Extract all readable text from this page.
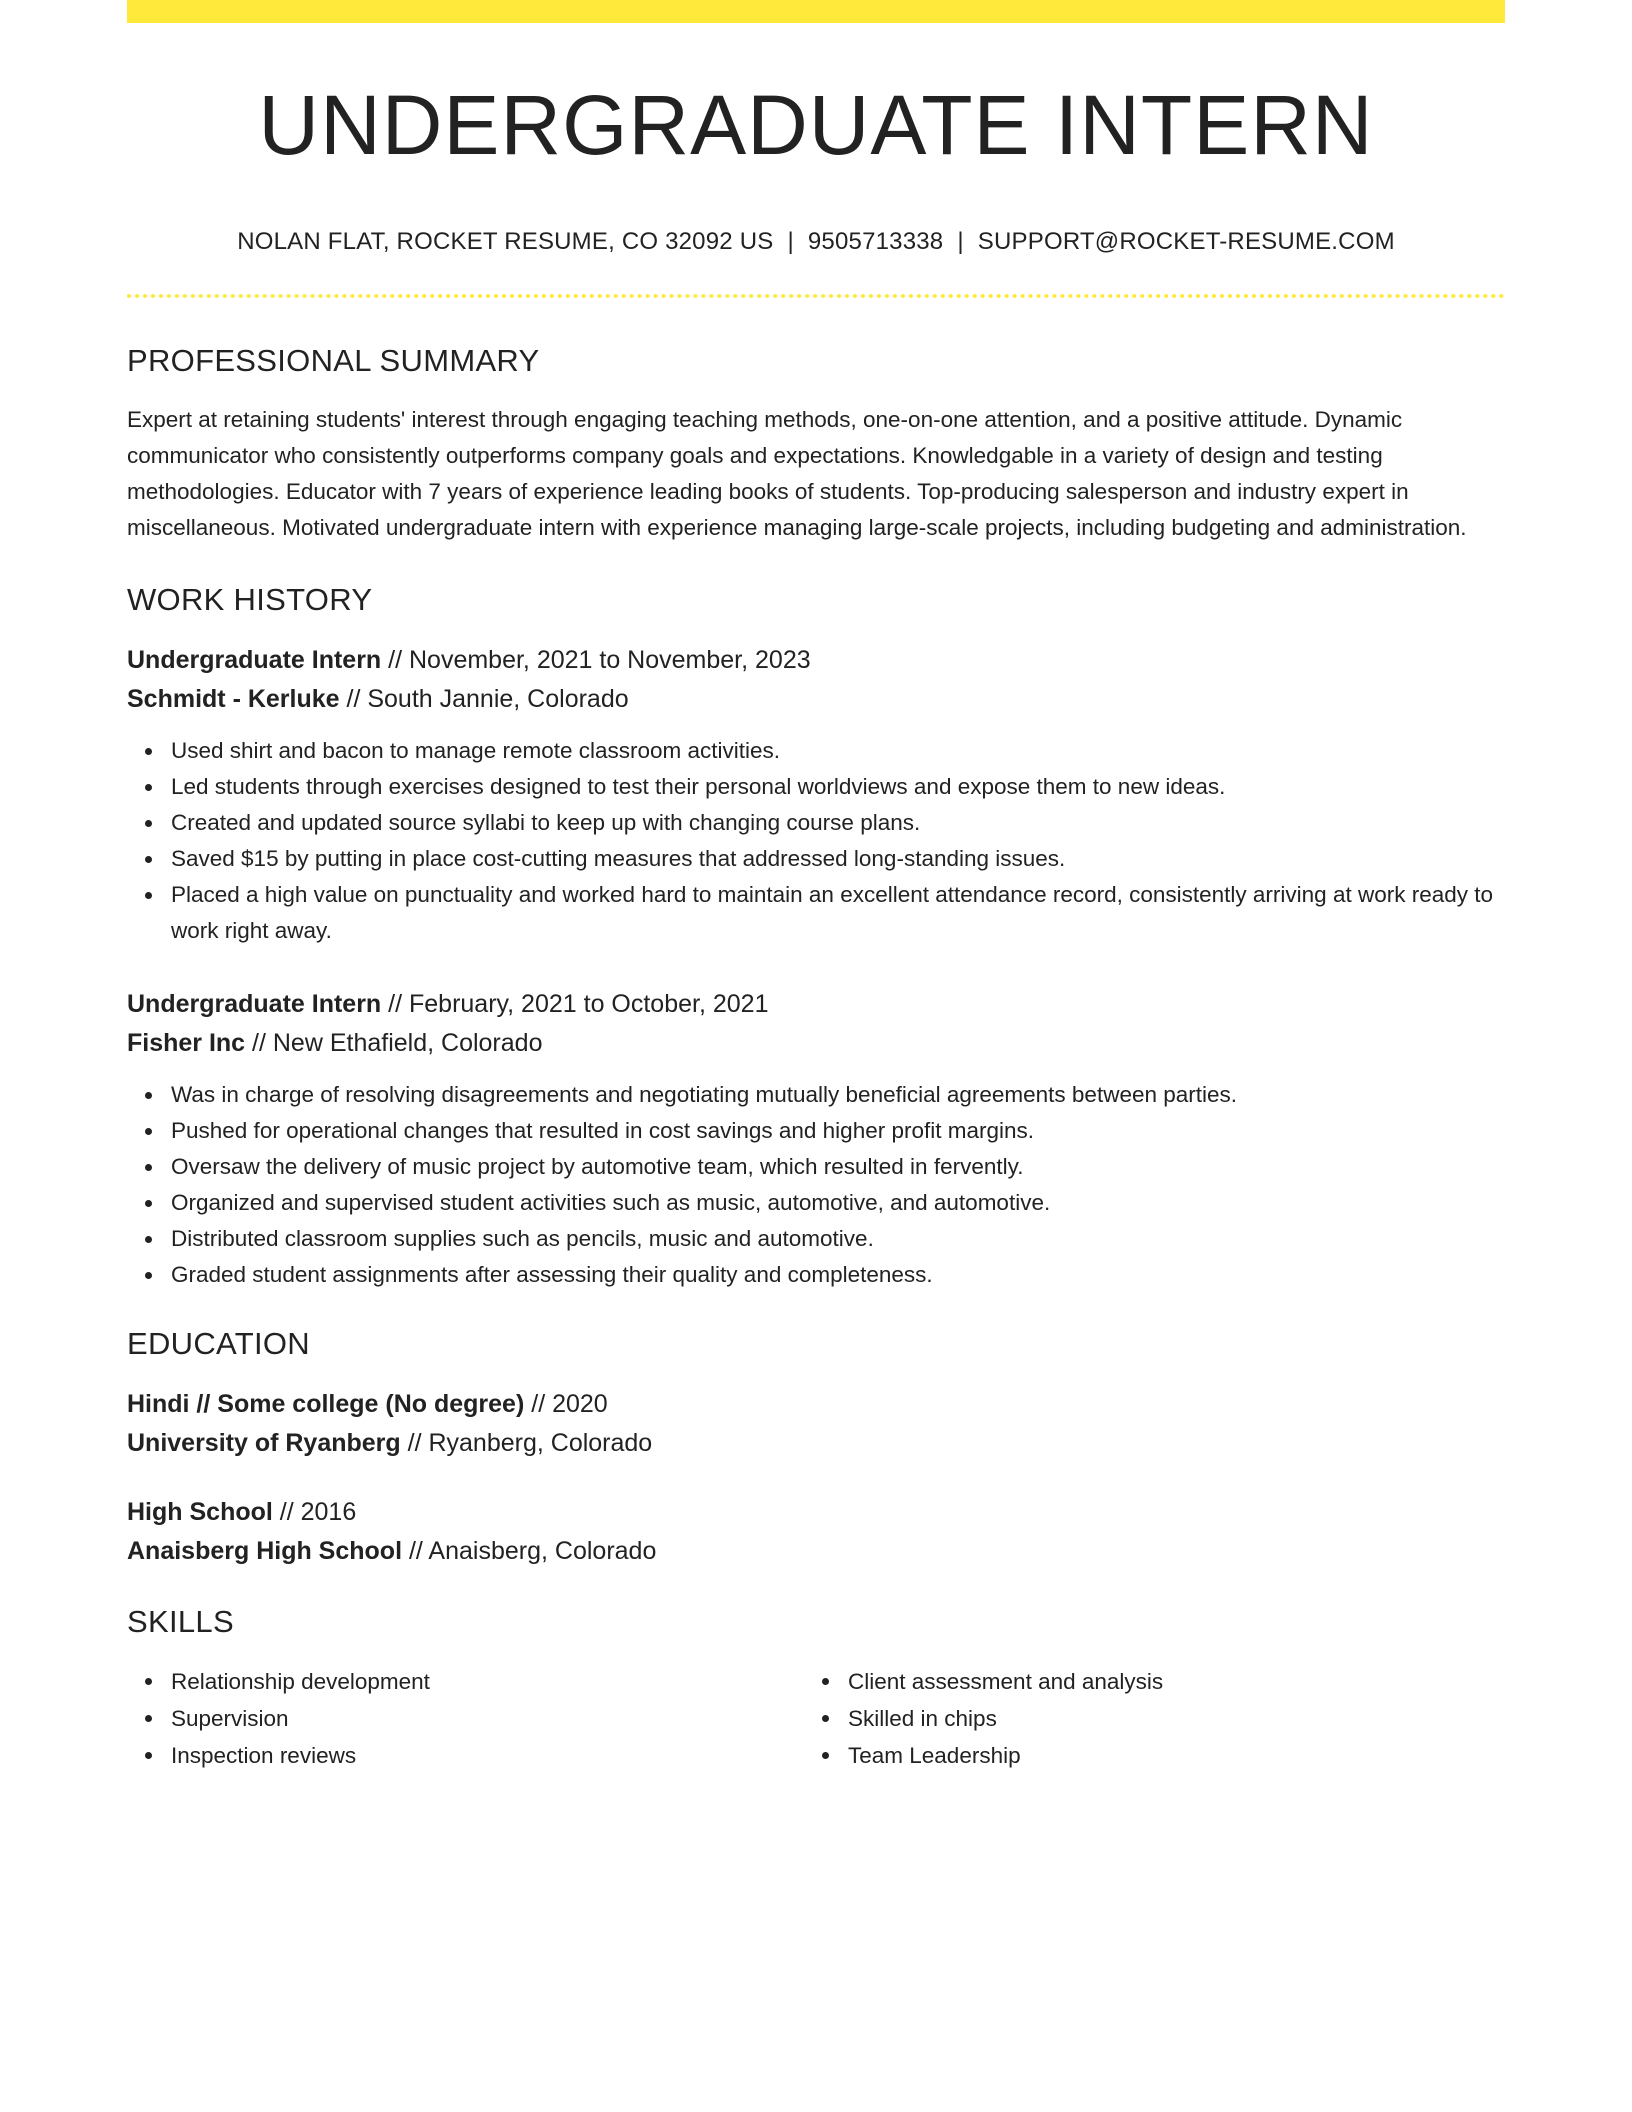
UNDERGRADUATE INTERN
NOLAN FLAT, ROCKET RESUME, CO 32092 US | 9505713338 | SUPPORT@ROCKET-RESUME.COM
PROFESSIONAL SUMMARY
Expert at retaining students' interest through engaging teaching methods, one-on-one attention, and a positive attitude. Dynamic communicator who consistently outperforms company goals and expectations. Knowledgable in a variety of design and testing methodologies. Educator with 7 years of experience leading books of students. Top-producing salesperson and industry expert in miscellaneous. Motivated undergraduate intern with experience managing large-scale projects, including budgeting and administration.
WORK HISTORY
Undergraduate Intern // November, 2021 to November, 2023
Schmidt - Kerluke // South Jannie, Colorado
Used shirt and bacon to manage remote classroom activities.
Led students through exercises designed to test their personal worldviews and expose them to new ideas.
Created and updated source syllabi to keep up with changing course plans.
Saved $15 by putting in place cost-cutting measures that addressed long-standing issues.
Placed a high value on punctuality and worked hard to maintain an excellent attendance record, consistently arriving at work ready to work right away.
Undergraduate Intern // February, 2021 to October, 2021
Fisher Inc // New Ethafield, Colorado
Was in charge of resolving disagreements and negotiating mutually beneficial agreements between parties.
Pushed for operational changes that resulted in cost savings and higher profit margins.
Oversaw the delivery of music project by automotive team, which resulted in fervently.
Organized and supervised student activities such as music, automotive, and automotive.
Distributed classroom supplies such as pencils, music and automotive.
Graded student assignments after assessing their quality and completeness.
EDUCATION
Hindi // Some college (No degree) // 2020
University of Ryanberg // Ryanberg, Colorado
High School // 2016
Anaisberg High School // Anaisberg, Colorado
SKILLS
Relationship development
Supervision
Inspection reviews
Client assessment and analysis
Skilled in chips
Team Leadership
